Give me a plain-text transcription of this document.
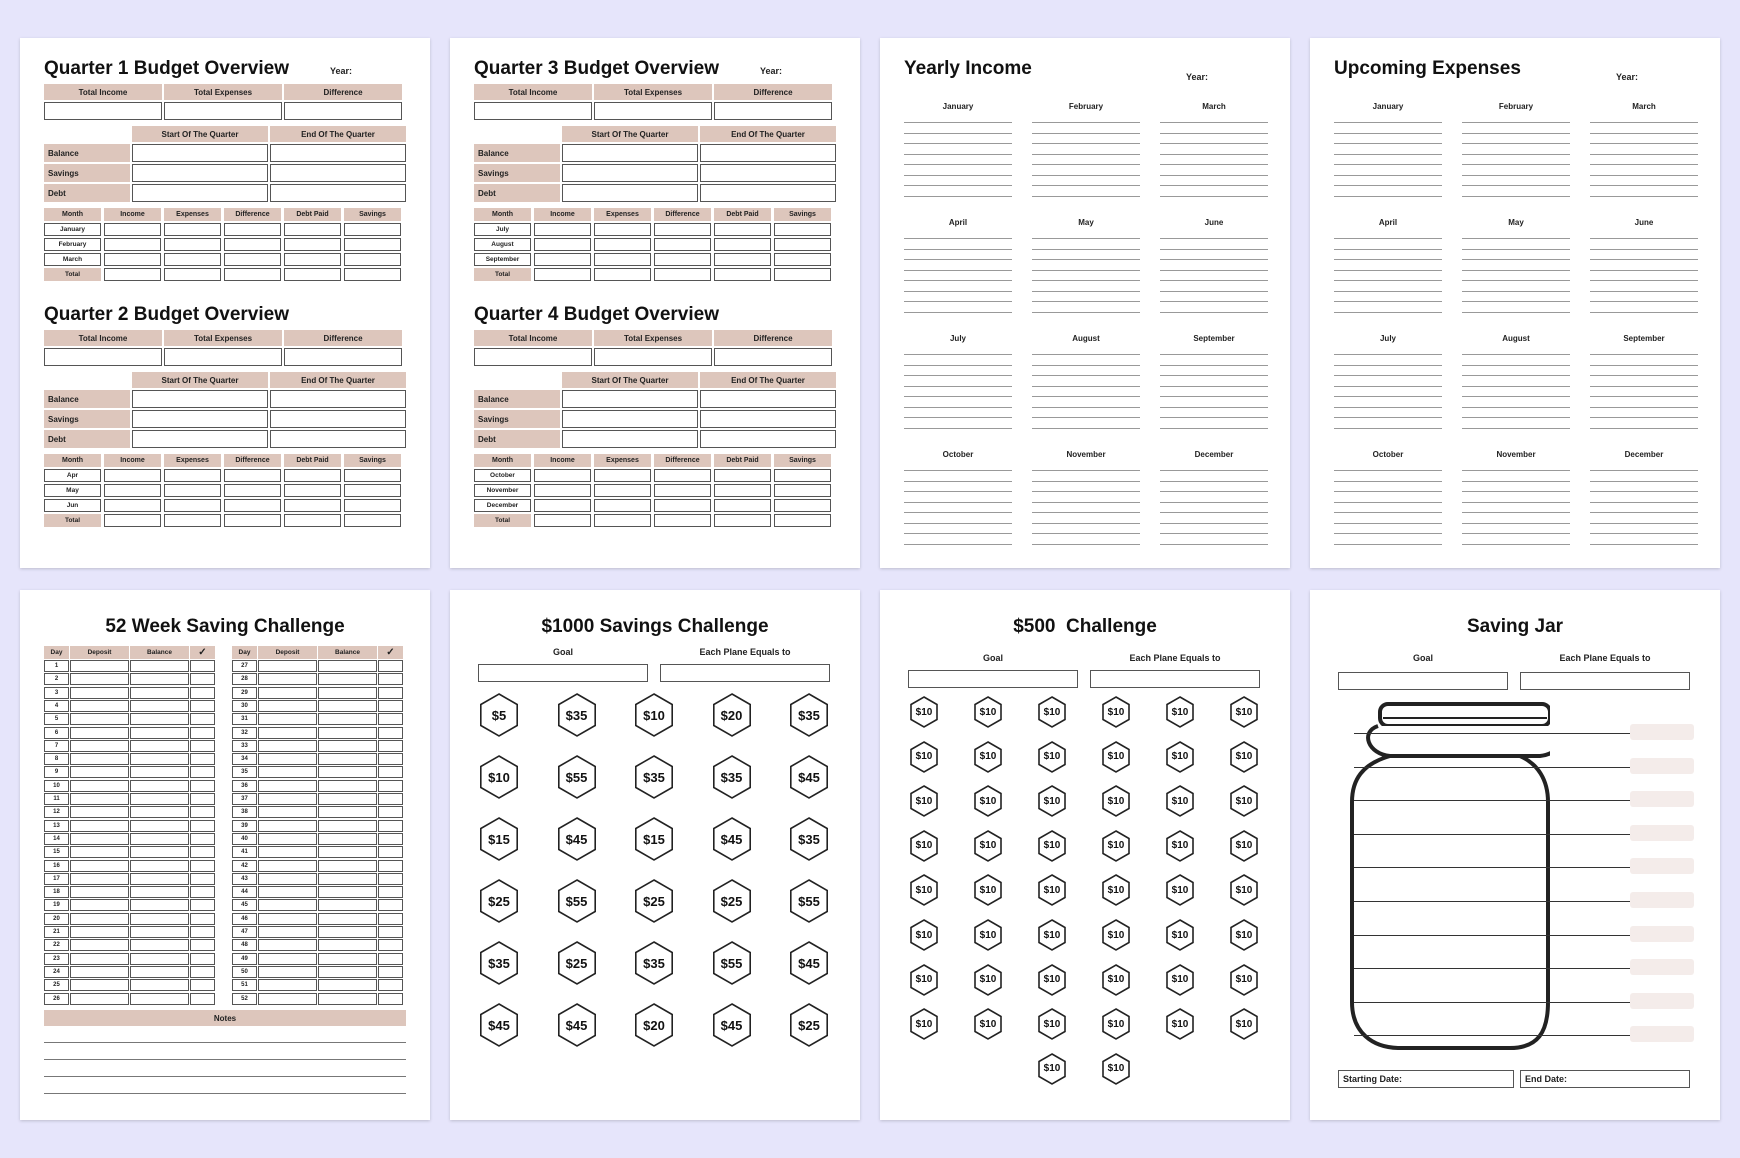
Quarter 1 Budget Overview	Year:
Total Income	Total Expenses	Difference
Start Of The Quarter	End Of The Quarter
Balance
Savings
Debt
Month	Income	Expenses	Difference	Debt Paid	Savings
January
February
March
Total
Quarter 2 Budget Overview
Total Income	Total Expenses	Difference
Start Of The Quarter	End Of The Quarter
Balance
Savings
Debt
Month	Income	Expenses	Difference	Debt Paid	Savings
Apr
May
Jun
Total
Quarter 3 Budget Overview	Year:
Total Income	Total Expenses	Difference
Start Of The Quarter	End Of The Quarter
Balance
Savings
Debt
Month	Income	Expenses	Difference	Debt Paid	Savings
July
August
September
Total
Quarter 4 Budget Overview
Total Income	Total Expenses	Difference
Start Of The Quarter	End Of The Quarter
Balance
Savings
Debt
Month	Income	Expenses	Difference	Debt Paid	Savings
October
November
December
Total
Yearly Income	Year:
January	February	March
April	May	June
July	August	September
October	November	December
Upcoming Expenses	Year:
January	February	March
April	May	June
July	August	September
October	November	December
52 Week Saving Challenge
Day	Deposit	Balance	✓
1
2
3
4
5
6
7
8
9
10
11
12
13
14
15
16
17
18
19
20
21
22
23
24
25
26
Day	Deposit	Balance	✓
27
28
29
30
31
32
33
34
35
36
37
38
39
40
41
42
43
44
45
46
47
48
49
50
51
52
Notes
$1000 Savings Challenge
Goal	Each Plane Equals to
$5	$35	$10	$20	$35
$10	$55	$35	$35	$45
$15	$45	$15	$45	$35
$25	$55	$25	$25	$55
$35	$25	$35	$55	$45
$45	$45	$20	$45	$25
$500  Challenge
Goal	Each Plane Equals to
$10	$10	$10	$10	$10	$10
$10	$10	$10	$10	$10	$10
$10	$10	$10	$10	$10	$10
$10	$10	$10	$10	$10	$10
$10	$10	$10	$10	$10	$10
$10	$10	$10	$10	$10	$10
$10	$10	$10	$10	$10	$10
$10	$10	$10	$10	$10	$10
$10	$10
Saving Jar
Goal	Each Plane Equals to
Starting Date:	End Date:
